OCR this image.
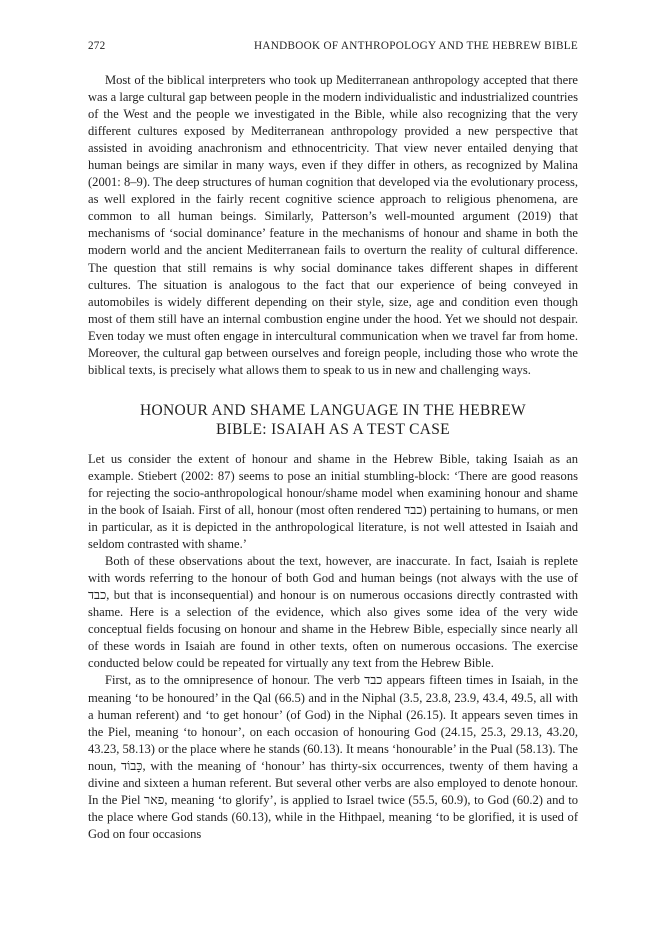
272	HANDBOOK OF ANTHROPOLOGY AND THE HEBREW BIBLE

Most of the biblical interpreters who took up Mediterranean anthropology accepted that there was a large cultural gap between people in the modern individualistic and industrialized countries of the West and the people we investigated in the Bible, while also recognizing that the very different cultures exposed by Mediterranean anthropology provided a new perspective that assisted in avoiding anachronism and ethnocentricity. That view never entailed denying that human beings are similar in many ways, even if they differ in others, as recognized by Malina (2001: 8–9). The deep structures of human cognition that developed via the evolutionary process, as well explored in the fairly recent cognitive science approach to religious phenomena, are common to all human beings. Similarly, Patterson’s well-mounted argument (2019) that mechanisms of ‘social dominance’ feature in the mechanisms of honour and shame in both the modern world and the ancient Mediterranean fails to overturn the reality of cultural difference. The question that still remains is why social dominance takes different shapes in different cultures. The situation is analogous to the fact that our experience of being conveyed in automobiles is widely different depending on their style, size, age and condition even though most of them still have an internal combustion engine under the hood. Yet we should not despair. Even today we must often engage in intercultural communication when we travel far from home. Moreover, the cultural gap between ourselves and foreign people, including those who wrote the biblical texts, is precisely what allows them to speak to us in new and challenging ways.

HONOUR AND SHAME LANGUAGE IN THE HEBREW
BIBLE: ISAIAH AS A TEST CASE

Let us consider the extent of honour and shame in the Hebrew Bible, taking Isaiah as an example. Stiebert (2002: 87) seems to pose an initial stumbling-block: ‘There are good reasons for rejecting the socio-anthropological honour/shame model when examining honour and shame in the book of Isaiah. First of all, honour (most often rendered כבד) pertaining to humans, or men in particular, as it is depicted in the anthropological literature, is not well attested in Isaiah and seldom contrasted with shame.’

Both of these observations about the text, however, are inaccurate. In fact, Isaiah is replete with words referring to the honour of both God and human beings (not always with the use of כבד, but that is inconsequential) and honour is on numerous occasions directly contrasted with shame. Here is a selection of the evidence, which also gives some idea of the very wide conceptual fields focusing on honour and shame in the Hebrew Bible, especially since nearly all of these words in Isaiah are found in other texts, often on numerous occasions. The exercise conducted below could be repeated for virtually any text from the Hebrew Bible.

First, as to the omnipresence of honour. The verb כבד appears fifteen times in Isaiah, in the meaning ‘to be honoured’ in the Qal (66.5) and in the Niphal (3.5, 23.8, 23.9, 43.4, 49.5, all with a human referent) and ‘to get honour’ (of God) in the Niphal (26.15). It appears seven times in the Piel, meaning ‘to honour’, on each occasion of honouring God (24.15, 25.3, 29.13, 43.20, 43.23, 58.13) or the place where he stands (60.13). It means ‘honourable’ in the Pual (58.13). The noun, כָּבוֹד, with the meaning of ‘honour’ has thirty-six occurrences, twenty of them having a divine and sixteen a human referent. But several other verbs are also employed to denote honour. In the Piel פאר, meaning ‘to glorify’, is applied to Israel twice (55.5, 60.9), to God (60.2) and to the place where God stands (60.13), while in the Hithpael, meaning ‘to be glorified, it is used of God on four occasions
